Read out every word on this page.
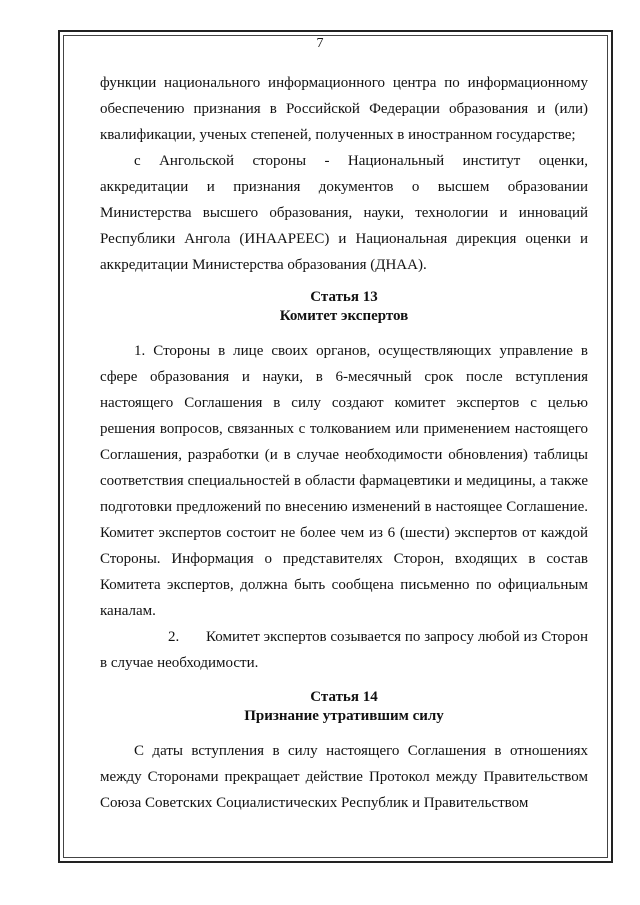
7

функции национального информационного центра по информационному обеспечению признания в Российской Федерации образования и (или) квалификации, ученых степеней, полученных в иностранном государстве;

с Ангольской стороны - Национальный институт оценки, аккредитации и признания документов о высшем образовании Министерства высшего образования, науки, технологии и инноваций Республики Ангола (ИНААРЕЕС) и Национальная дирекция оценки и аккредитации Министерства образования (ДНАА).

Статья 13

Комитет экспертов

1. Стороны в лице своих органов, осуществляющих управление в сфере образования и науки, в 6-месячный срок после вступления настоящего Соглашения в силу создают комитет экспертов с целью решения вопросов, связанных с толкованием или применением настоящего Соглашения, разработки (и в случае необходимости обновления) таблицы соответствия специальностей в области фармацевтики и медицины, а также подготовки предложений по внесению изменений в настоящее Соглашение. Комитет экспертов состоит не более чем из 6 (шести) экспертов от каждой Стороны. Информация о представителях Сторон, входящих в состав Комитета экспертов, должна быть сообщена письменно по официальным каналам.

2. Комитет экспертов созывается по запросу любой из Сторон в случае необходимости.

Статья 14

Признание утратившим силу

С даты вступления в силу настоящего Соглашения в отношениях между Сторонами прекращает действие Протокол между Правительством Союза Советских Социалистических Республик и Правительством
